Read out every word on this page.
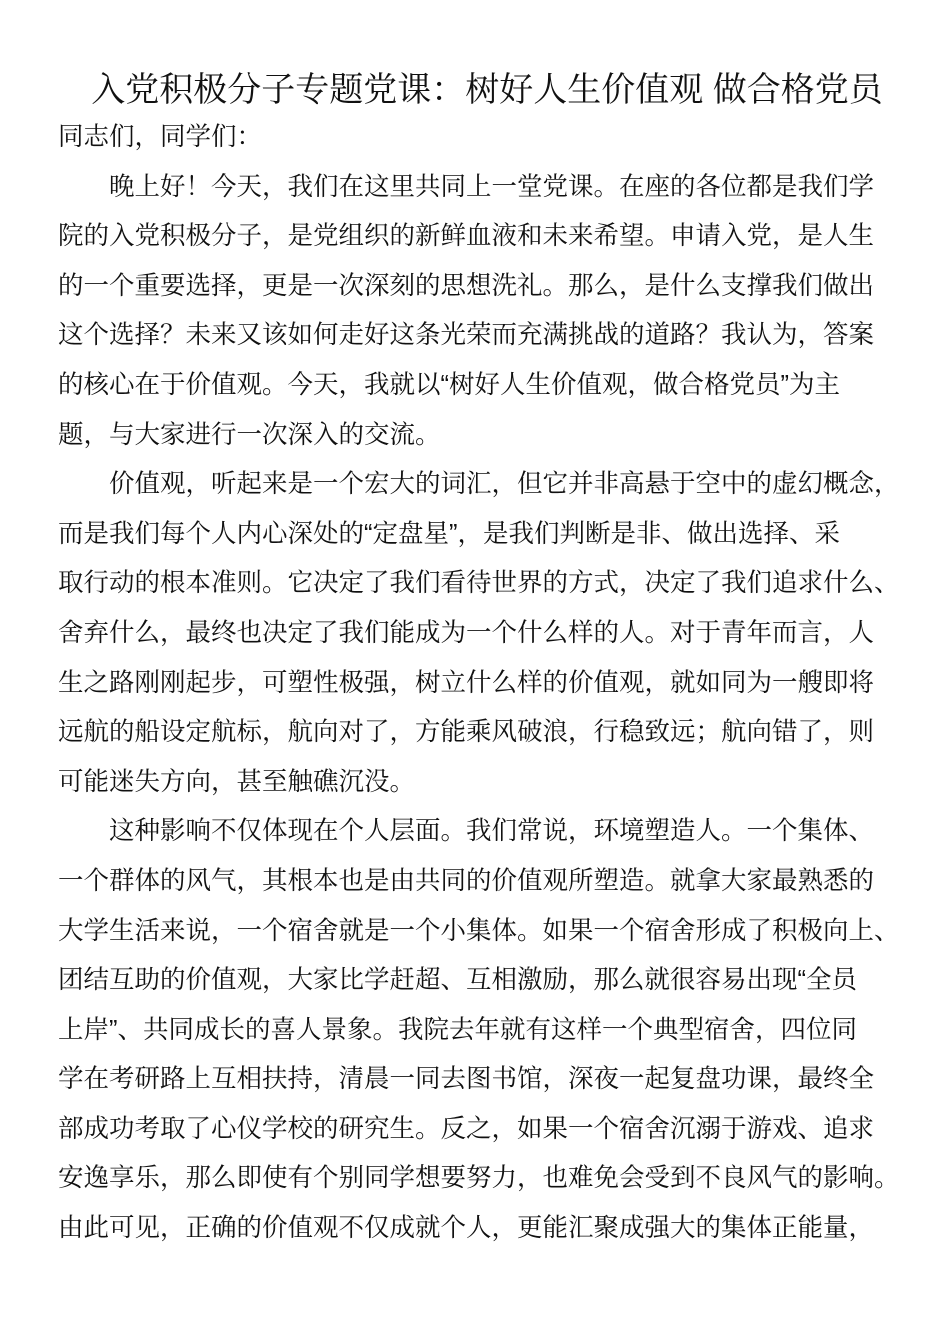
入党积极分子专题党课：树好人生价值观 做合格党员
同志们，同学们：
晚上好！今天，我们在这里共同上一堂党课。在座的各位都是我们学
院的入党积极分子，是党组织的新鲜血液和未来希望。申请入党，是人生
的一个重要选择，更是一次深刻的思想洗礼。那么，是什么支撑我们做出
这个选择？未来又该如何走好这条光荣而充满挑战的道路？我认为，答案
的核心在于价值观。今天，我就以“树好人生价值观，做合格党员”为主
题，与大家进行一次深入的交流。
价值观，听起来是一个宏大的词汇，但它并非高悬于空中的虚幻概念，
而是我们每个人内心深处的“定盘星”，是我们判断是非、做出选择、采
取行动的根本准则。它决定了我们看待世界的方式，决定了我们追求什么、
舍弃什么，最终也决定了我们能成为一个什么样的人。对于青年而言，人
生之路刚刚起步，可塑性极强，树立什么样的价值观，就如同为一艘即将
远航的船设定航标，航向对了，方能乘风破浪，行稳致远；航向错了，则
可能迷失方向，甚至触礁沉没。
这种影响不仅体现在个人层面。我们常说，环境塑造人。一个集体、
一个群体的风气，其根本也是由共同的价值观所塑造。就拿大家最熟悉的
大学生活来说，一个宿舍就是一个小集体。如果一个宿舍形成了积极向上、
团结互助的价值观，大家比学赶超、互相激励，那么就很容易出现“全员
上岸”、共同成长的喜人景象。我院去年就有这样一个典型宿舍，四位同
学在考研路上互相扶持，清晨一同去图书馆，深夜一起复盘功课，最终全
部成功考取了心仪学校的研究生。反之，如果一个宿舍沉溺于游戏、追求
安逸享乐，那么即使有个别同学想要努力，也难免会受到不良风气的影响。
由此可见，正确的价值观不仅成就个人，更能汇聚成强大的集体正能量，
